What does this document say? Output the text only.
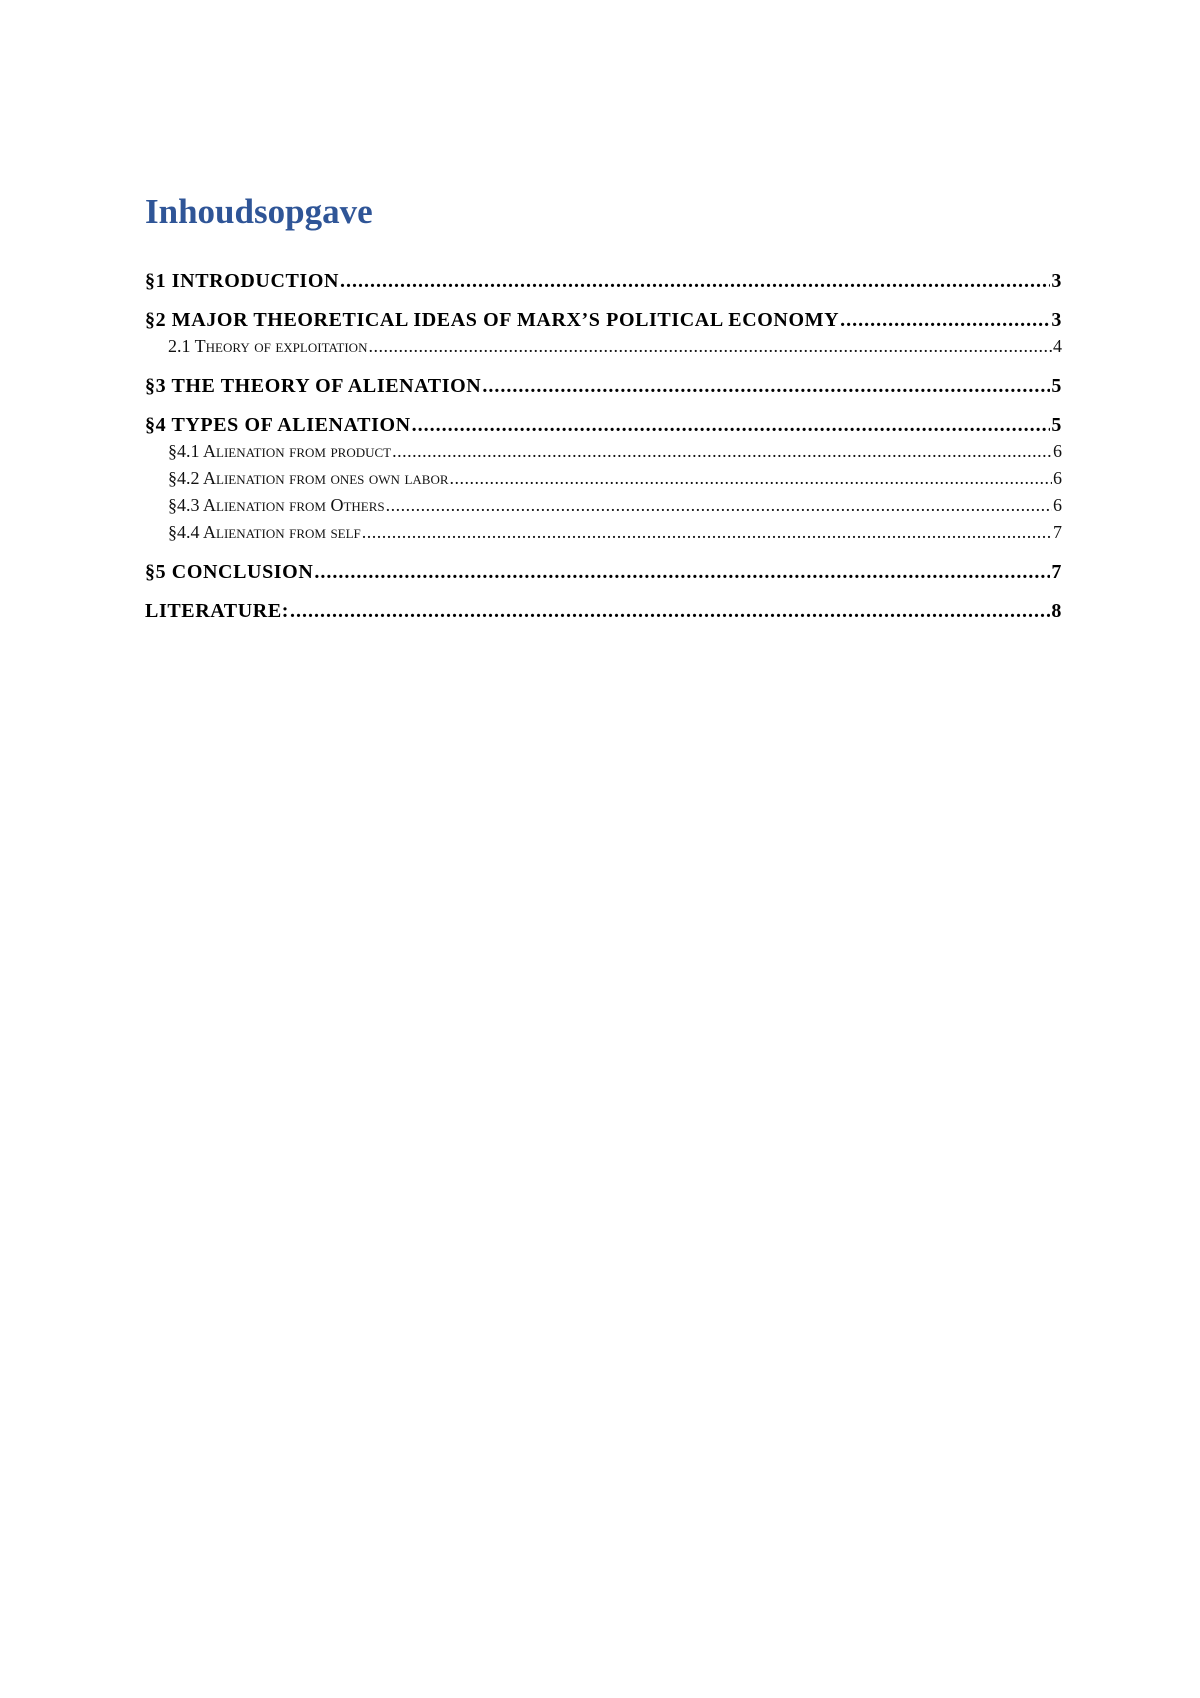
Inhoudsopgave
§1 INTRODUCTION .....	3
§2 MAJOR THEORETICAL IDEAS OF MARX’S POLITICAL ECONOMY .....	3
2.1 Theory of exploitation .....	4
§3 THE THEORY OF ALIENATION .....	5
§4 TYPES OF ALIENATION .....	5
§4.1 Alienation from product .....	6
§4.2 Alienation from ones own labor .....	6
§4.3 Alienation from Others .....	6
§4.4 Alienation from self .....	7
§5 CONCLUSION .....	7
LITERATURE: .....	8
